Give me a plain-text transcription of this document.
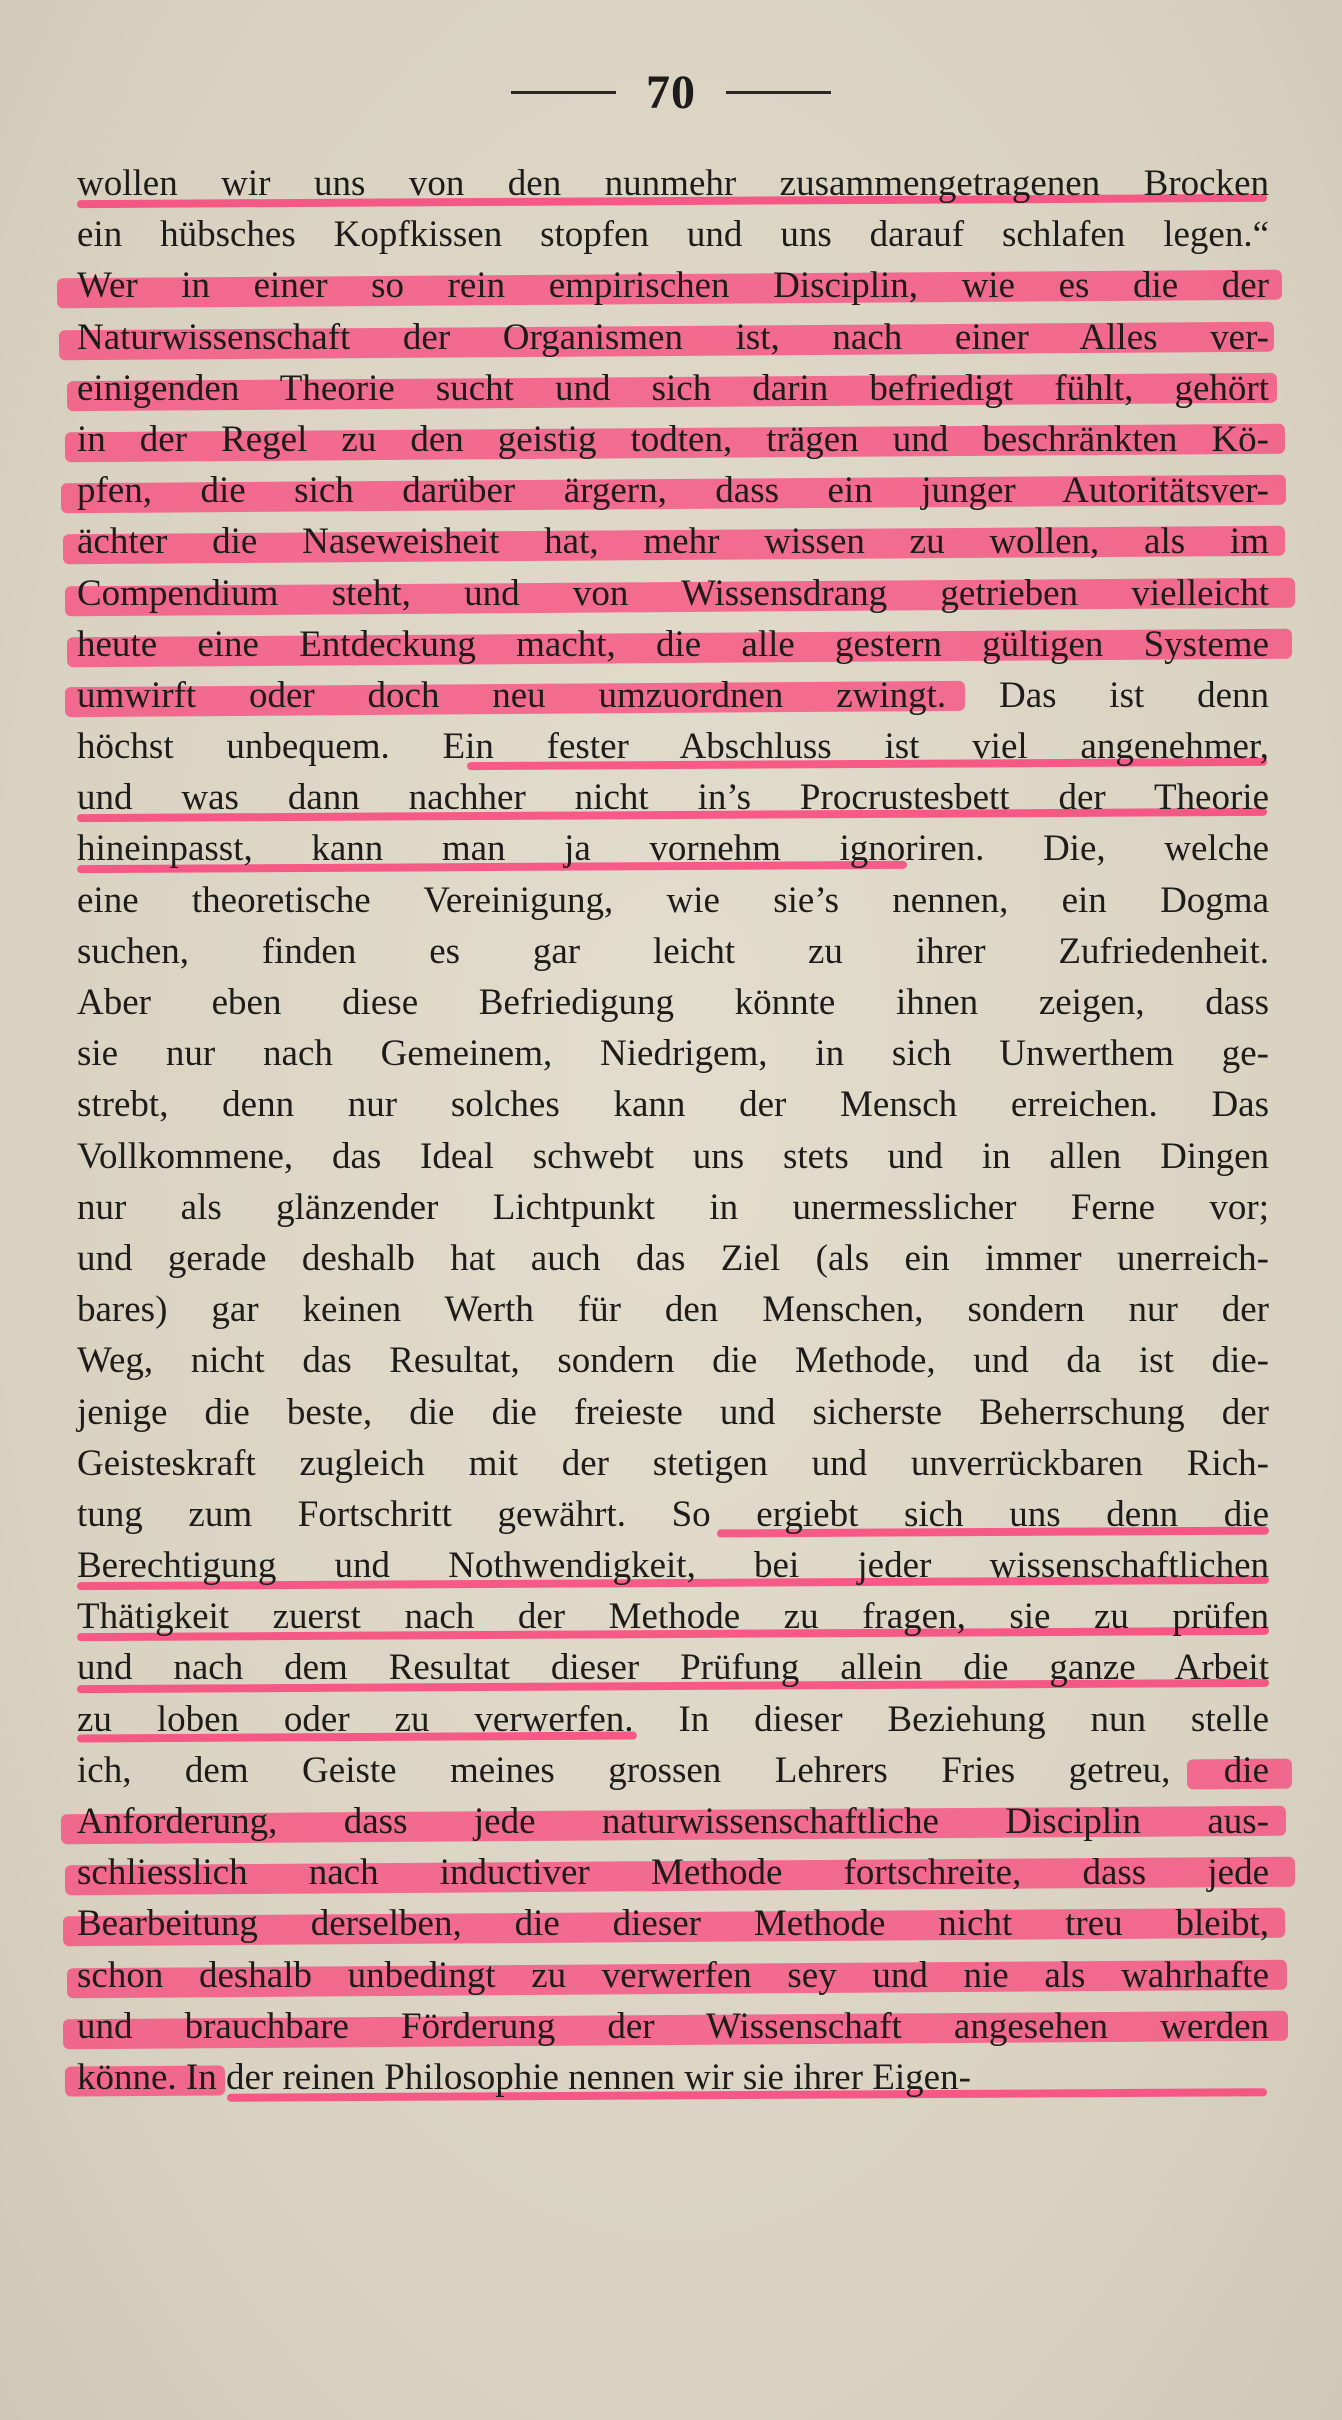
70
wollen wir uns von den nunmehr zusammengetragenen Brocken
ein hübsches Kopfkissen stopfen und uns darauf schlafen legen.“
Wer in einer so rein empirischen Disciplin, wie es die der
Naturwissenschaft der Organismen ist, nach einer Alles ver-
einigenden Theorie sucht und sich darin befriedigt fühlt, gehört
in der Regel zu den geistig todten, trägen und beschränkten Kö-
pfen, die sich darüber ärgern, dass ein junger Autoritätsver-
ächter die Naseweisheit hat, mehr wissen zu wollen, als im
Compendium steht, und von Wissensdrang getrieben vielleicht
heute eine Entdeckung macht, die alle gestern gültigen Systeme
umwirft oder doch neu umzuordnen zwingt. Das ist denn
höchst unbequem. Ein fester Abschluss ist viel angenehmer,
und was dann nachher nicht in’s Procrustesbett der Theorie
hineinpasst, kann man ja vornehm ignoriren. Die, welche
eine theoretische Vereinigung, wie sie’s nennen, ein Dogma
suchen, finden es gar leicht zu ihrer Zufriedenheit.
Aber eben diese Befriedigung könnte ihnen zeigen, dass
sie nur nach Gemeinem, Niedrigem, in sich Unwerthem ge-
strebt, denn nur solches kann der Mensch erreichen. Das
Vollkommene, das Ideal schwebt uns stets und in allen Dingen
nur als glänzender Lichtpunkt in unermesslicher Ferne vor;
und gerade deshalb hat auch das Ziel (als ein immer unerreich-
bares) gar keinen Werth für den Menschen, sondern nur der
Weg, nicht das Resultat, sondern die Methode, und da ist die-
jenige die beste, die die freieste und sicherste Beherrschung der
Geisteskraft zugleich mit der stetigen und unverrückbaren Rich-
tung zum Fortschritt gewährt. So ergiebt sich uns denn die
Berechtigung und Nothwendigkeit, bei jeder wissenschaftlichen
Thätigkeit zuerst nach der Methode zu fragen, sie zu prüfen
und nach dem Resultat dieser Prüfung allein die ganze Arbeit
zu loben oder zu verwerfen. In dieser Beziehung nun stelle
ich, dem Geiste meines grossen Lehrers Fries getreu, die
Anforderung, dass jede naturwissenschaftliche Disciplin aus-
schliesslich nach inductiver Methode fortschreite, dass jede
Bearbeitung derselben, die dieser Methode nicht treu bleibt,
schon deshalb unbedingt zu verwerfen sey und nie als wahrhafte
und brauchbare Förderung der Wissenschaft angesehen werden
könne. In der reinen Philosophie nennen wir sie ihrer Eigen-
